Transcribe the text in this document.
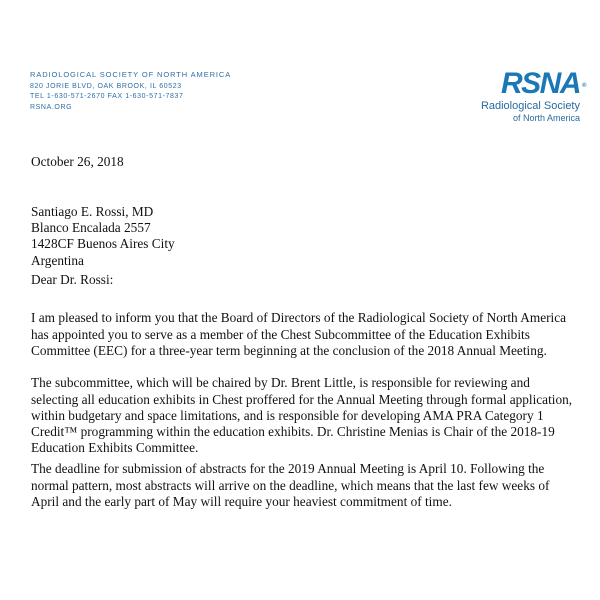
RADIOLOGICAL SOCIETY OF NORTH AMERICA
820 JORIE BLVD, OAK BROOK, IL 60523
TEL 1-630-571-2670 FAX 1-630-571-7837
RSNA.ORG
RSNA ®
Radiological Society
of North America
October 26, 2018
Santiago E. Rossi, MD
Blanco Encalada 2557
1428CF Buenos Aires City
Argentina
Dear Dr. Rossi:

I am pleased to inform you that the Board of Directors of the Radiological Society of North America has appointed you to serve as a member of the Chest Subcommittee of the Education Exhibits Committee (EEC) for a three-year term beginning at the conclusion of the 2018 Annual Meeting.

The subcommittee, which will be chaired by Dr. Brent Little, is responsible for reviewing and selecting all education exhibits in Chest proffered for the Annual Meeting through formal application, within budgetary and space limitations, and is responsible for developing AMA PRA Category 1 Credit™ programming within the education exhibits. Dr. Christine Menias is Chair of the 2018-19 Education Exhibits Committee.

The deadline for submission of abstracts for the 2019 Annual Meeting is April 10. Following the normal pattern, most abstracts will arrive on the deadline, which means that the last few weeks of April and the early part of May will require your heaviest commitment of time.
